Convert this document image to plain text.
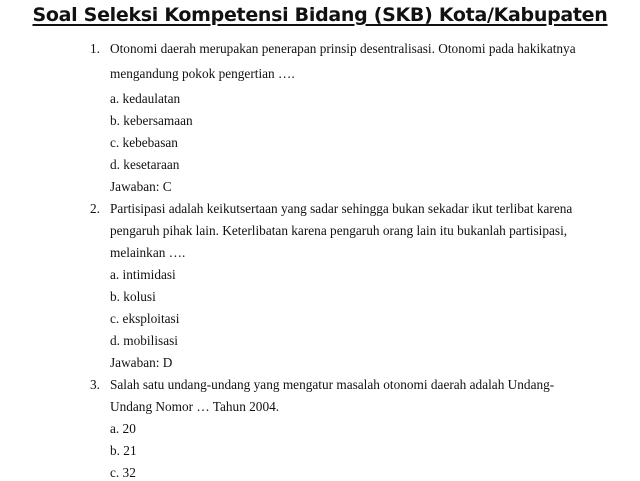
Soal Seleksi Kompetensi Bidang (SKB) Kota/Kabupaten
1. Otonomi daerah merupakan penerapan prinsip desentralisasi. Otonomi pada hakikatnya
mengandung pokok pengertian ….
a. kedaulatan
b. kebersamaan
c. kebebasan
d. kesetaraan
Jawaban: C
2. Partisipasi adalah keikutsertaan yang sadar sehingga bukan sekadar ikut terlibat karena
pengaruh pihak lain. Keterlibatan karena pengaruh orang lain itu bukanlah partisipasi,
melainkan ….
a. intimidasi
b. kolusi
c. eksploitasi
d. mobilisasi
Jawaban: D
3. Salah satu undang-undang yang mengatur masalah otonomi daerah adalah Undang-
Undang Nomor … Tahun 2004.
a. 20
b. 21
c. 32
